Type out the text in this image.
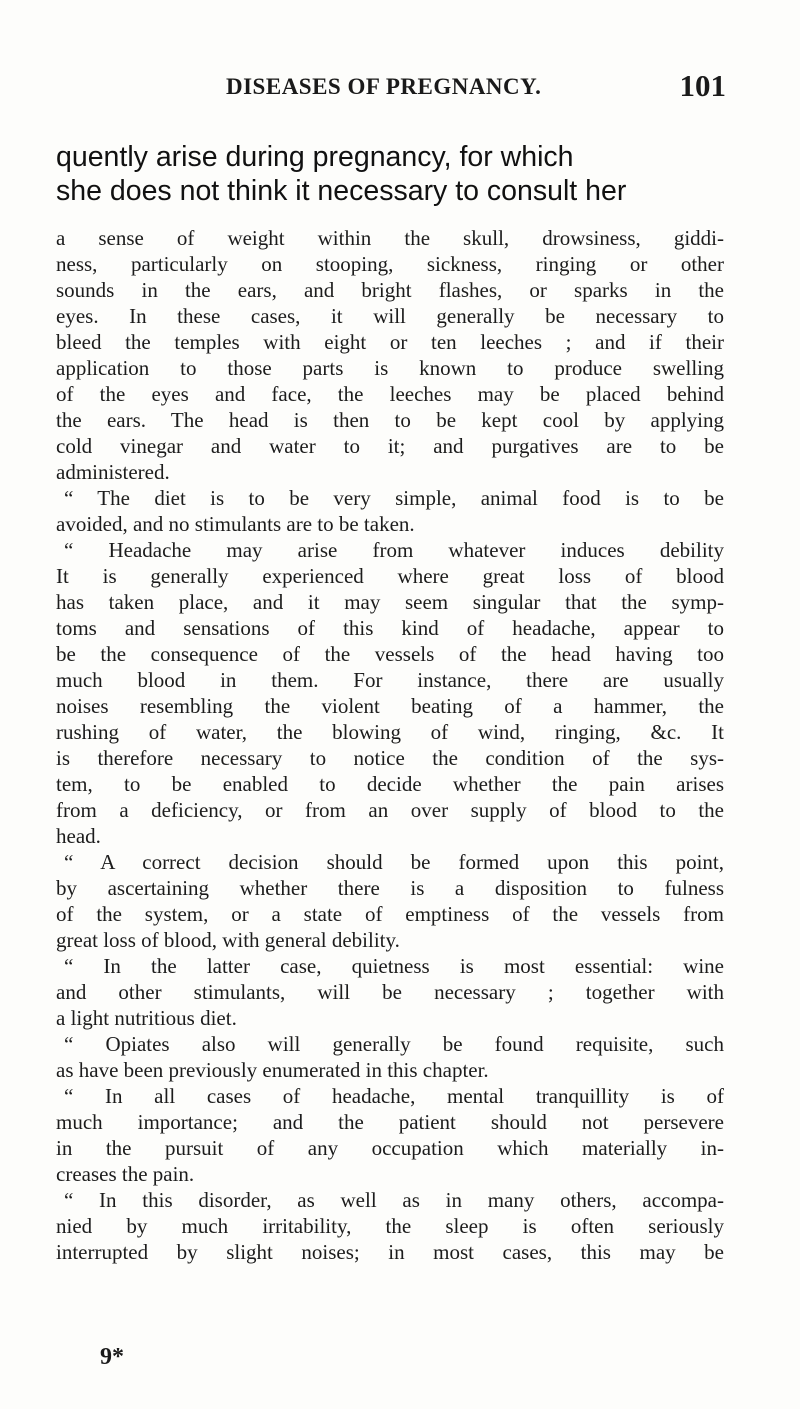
DISEASES OF PREGNANCY.	101
quently arise during pregnancy, for which
she does not think it necessary to consult her
a sense of weight within the skull, drowsiness, giddi-
ness, particularly on stooping, sickness, ringing or other
sounds in the ears, and bright flashes, or sparks in the
eyes. In these cases, it will generally be necessary to
bleed the temples with eight or ten leeches ; and if their
application to those parts is known to produce swelling
of the eyes and face, the leeches may be placed behind
the ears. The head is then to be kept cool by applying
cold vinegar and water to it; and purgatives are to be
administered.
“ The diet is to be very simple, animal food is to be
avoided, and no stimulants are to be taken.
“ Headache may arise from whatever induces debility
It is generally experienced where great loss of blood
has taken place, and it may seem singular that the symp-
toms and sensations of this kind of headache, appear to
be the consequence of the vessels of the head having too
much blood in them. For instance, there are usually
noises resembling the violent beating of a hammer, the
rushing of water, the blowing of wind, ringing, &c. It
is therefore necessary to notice the condition of the sys-
tem, to be enabled to decide whether the pain arises
from a deficiency, or from an over supply of blood to the
head.
“ A correct decision should be formed upon this point,
by ascertaining whether there is a disposition to fulness
of the system, or a state of emptiness of the vessels from
great loss of blood, with general debility.
“ In the latter case, quietness is most essential: wine
and other stimulants, will be necessary ; together with
a light nutritious diet.
“ Opiates also will generally be found requisite, such
as have been previously enumerated in this chapter.
“ In all cases of headache, mental tranquillity is of
much importance; and the patient should not persevere
in the pursuit of any occupation which materially in-
creases the pain.
“ In this disorder, as well as in many others, accompa-
nied by much irritability, the sleep is often seriously
interrupted by slight noises; in most cases, this may be
9*
